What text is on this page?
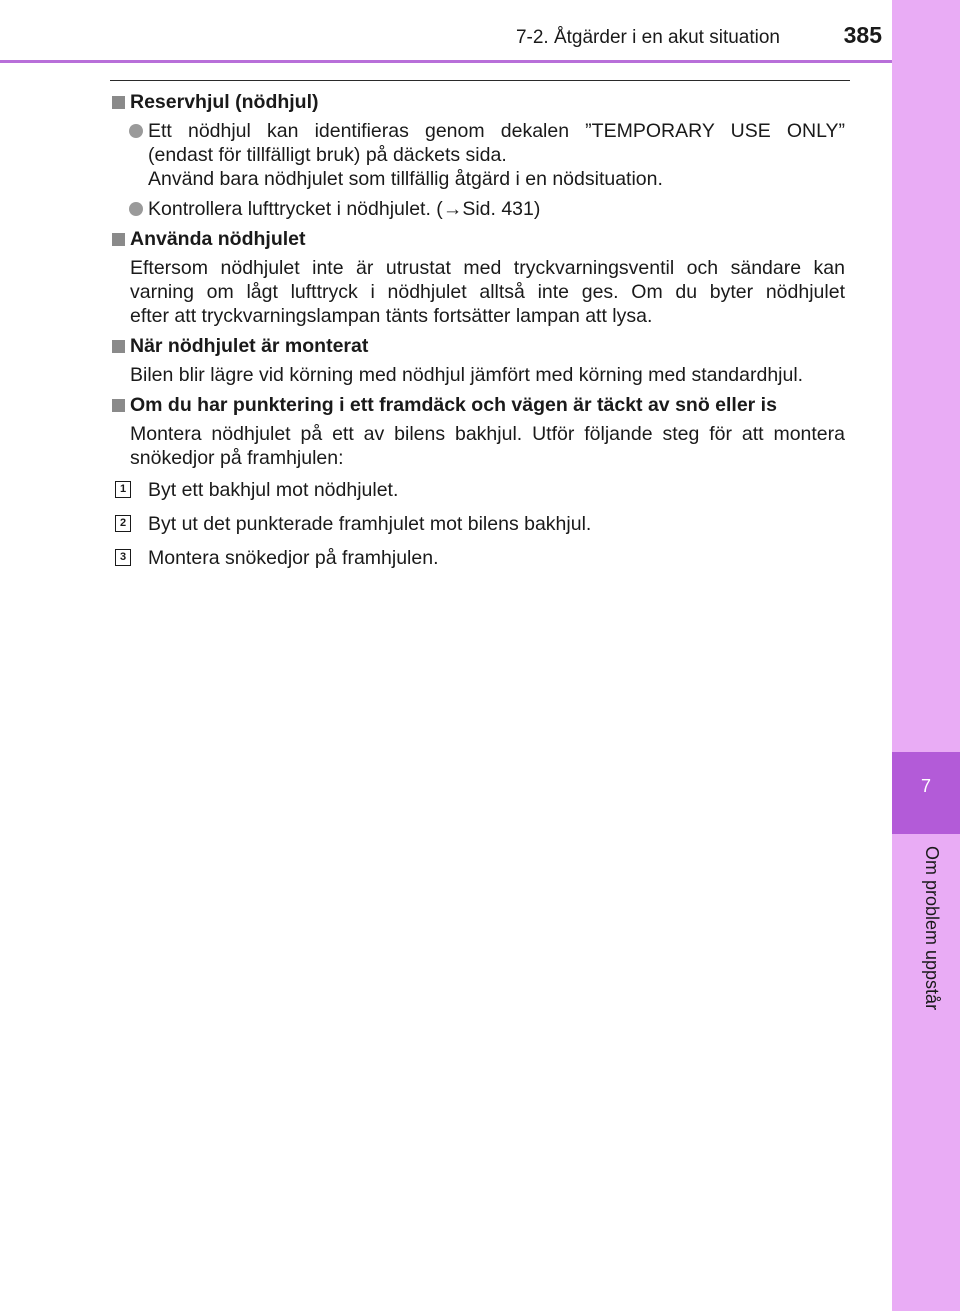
7-2. Åtgärder i en akut situation	385
7
Om problem uppstår
Reservhjul (nödhjul)
Ett nödhjul kan identifieras genom dekalen ”TEMPORARY USE ONLY”
(endast för tillfälligt bruk) på däckets sida.
Använd bara nödhjulet som tillfällig åtgärd i en nödsituation.
Kontrollera lufttrycket i nödhjulet. (→Sid. 431)
Använda nödhjulet
Eftersom nödhjulet inte är utrustat med tryckvarningsventil och sändare kan
varning om lågt lufttryck i nödhjulet alltså inte ges. Om du byter nödhjulet
efter att tryckvarningslampan tänts fortsätter lampan att lysa.
När nödhjulet är monterat
Bilen blir lägre vid körning med nödhjul jämfört med körning med standardhjul.
Om du har punktering i ett framdäck och vägen är täckt av snö eller is
Montera nödhjulet på ett av bilens bakhjul. Utför följande steg för att montera
snökedjor på framhjulen:
1 Byt ett bakhjul mot nödhjulet.
2 Byt ut det punkterade framhjulet mot bilens bakhjul.
3 Montera snökedjor på framhjulen.
